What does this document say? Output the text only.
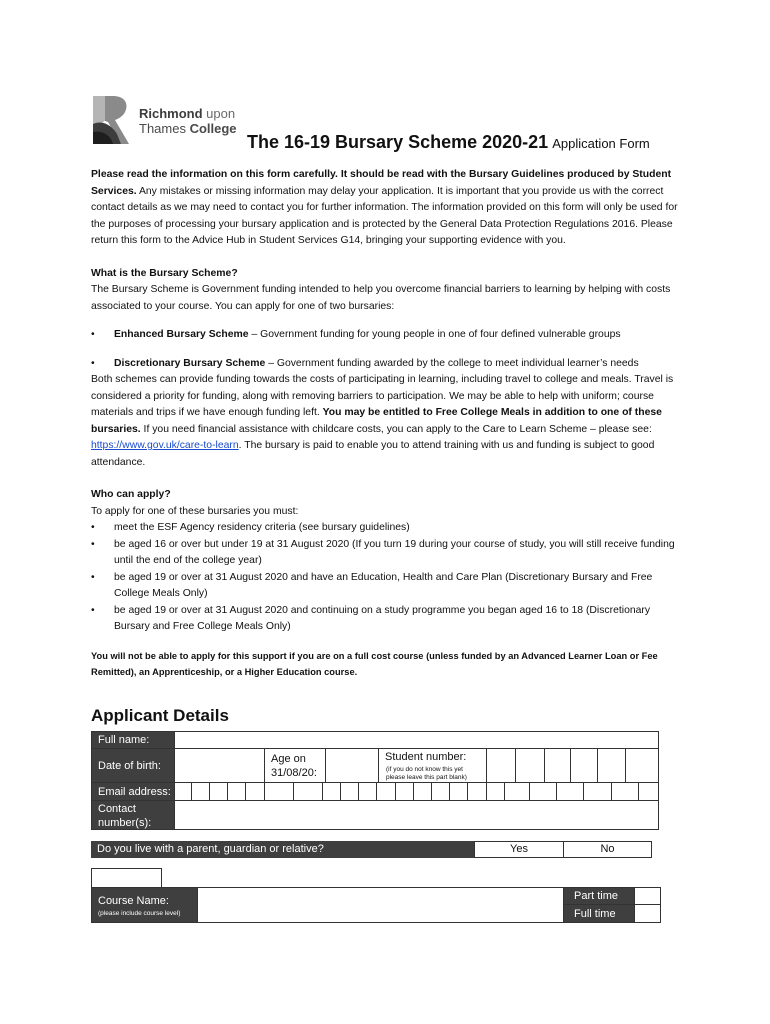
Richmond upon
Thames College
The 16-19 Bursary Scheme 2020-21 Application Form

Please read the information on this form carefully. It should be read with the Bursary Guidelines produced by Student Services. Any mistakes or missing information may delay your application. It is important that you provide us with the correct contact details as we may need to contact you for further information. The information provided on this form will only be used for the purposes of processing your bursary application and is protected by the General Data Protection Regulations 2016. Please return this form to the Advice Hub in Student Services G14, bringing your supporting evidence with you.

What is the Bursary Scheme?

The Bursary Scheme is Government funding intended to help you overcome financial barriers to learning by helping with costs associated to your course. You can apply for one of two bursaries:

• Enhanced Bursary Scheme – Government funding for young people in one of four defined vulnerable groups

• Discretionary Bursary Scheme – Government funding awarded by the college to meet individual learner’s needs

Both schemes can provide funding towards the costs of participating in learning, including travel to college and meals. Travel is considered a priority for funding, along with removing barriers to participation. We may be able to help with uniform; course materials and trips if we have enough funding left. You may be entitled to Free College Meals in addition to one of these bursaries. If you need financial assistance with childcare costs, you can apply to the Care to Learn Scheme – please see: https://www.gov.uk/care-to-learn. The bursary is paid to enable you to attend training with us and funding is subject to good attendance.

Who can apply?

To apply for one of these bursaries you must:

• meet the ESF Agency residency criteria (see bursary guidelines)

• be aged 16 or over but under 19 at 31 August 2020 (If you turn 19 during your course of study, you will still receive funding until the end of the college year)

• be aged 19 or over at 31 August 2020 and have an Education, Health and Care Plan (Discretionary Bursary and Free College Meals Only)

• be aged 19 or over at 31 August 2020 and continuing on a study programme you began aged 16 to 18 (Discretionary Bursary and Free College Meals Only)

You will not be able to apply for this support if you are on a full cost course (unless funded by an Advanced Learner Loan or Fee Remitted), an Apprenticeship, or a Higher Education course.

Applicant Details
Full name:
Date of birth:
Age on
31/08/20:
Student number:
(if you do not know this yet
please leave this part blank)
Email address:
Contact
number(s):
Do you live with a parent, guardian or relative?	Yes	No
Course Name:
(please include course level)
Part time
Full time
